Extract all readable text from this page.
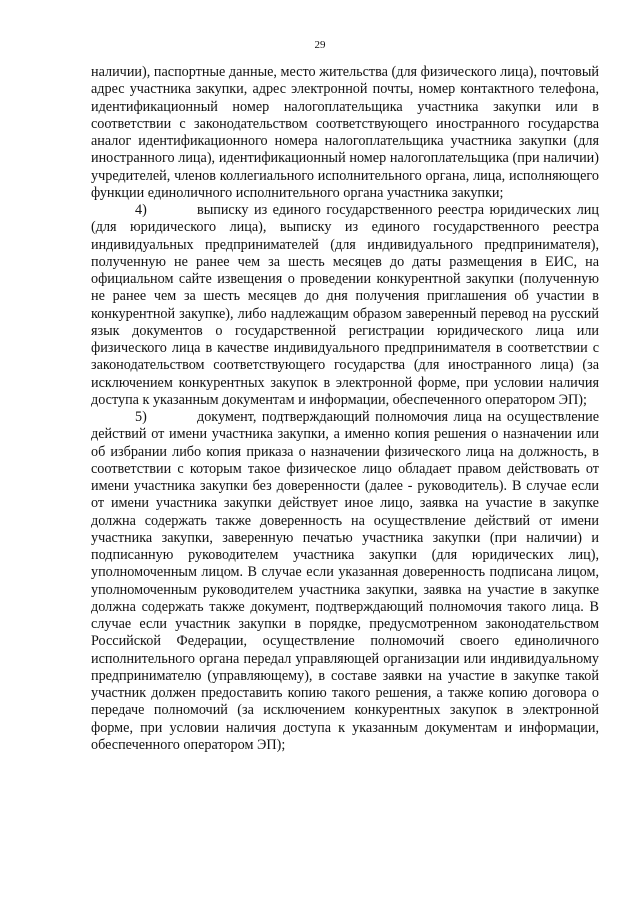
29

наличии), паспортные данные, место жительства (для физического лица), почтовый адрес участника закупки, адрес электронной почты, номер контактного телефона, идентификационный номер налогоплательщика участника закупки или в соответствии с законодательством соответствующего иностранного государства аналог идентификационного номера налогоплательщика участника закупки (для иностранного лица), идентификационный номер налогоплательщика (при наличии) учредителей, членов коллегиального исполнительного органа, лица, исполняющего функции единоличного исполнительного органа участника закупки;

4)	выписку из единого государственного реестра юридических лиц (для юридического лица), выписку из единого государственного реестра индивидуальных предпринимателей (для индивидуального предпринимателя), полученную не ранее чем за шесть месяцев до даты размещения в ЕИС, на официальном сайте извещения о проведении конкурентной закупки (полученную не ранее чем за шесть месяцев до дня получения приглашения об участии в конкурентной закупке), либо надлежащим образом заверенный перевод на русский язык документов о государственной регистрации юридического лица или физического лица в качестве индивидуального предпринимателя в соответствии с законодательством соответствующего государства (для иностранного лица) (за исключением конкурентных закупок в электронной форме, при условии наличия доступа к указанным документам и информации, обеспеченного оператором ЭП);

5)	документ, подтверждающий полномочия лица на осуществление действий от имени участника закупки, а именно копия решения о назначении или об избрании либо копия приказа о назначении физического лица на должность, в соответствии с которым такое физическое лицо обладает правом действовать от имени участника закупки без доверенности (далее - руководитель). В случае если от имени участника закупки действует иное лицо, заявка на участие в закупке должна содержать также доверенность на осуществление действий от имени участника закупки, заверенную печатью участника закупки (при наличии) и подписанную руководителем участника закупки (для юридических лиц), уполномоченным лицом. В случае если указанная доверенность подписана лицом, уполномоченным руководителем участника закупки, заявка на участие в закупке должна содержать также документ, подтверждающий полномочия такого лица. В случае если участник закупки в порядке, предусмотренном законодательством Российской Федерации, осуществление полномочий своего единоличного исполнительного органа передал управляющей организации или индивидуальному предпринимателю (управляющему), в составе заявки на участие в закупке такой участник должен предоставить копию такого решения, а также копию договора о передаче полномочий (за исключением конкурентных закупок в электронной форме, при условии наличия доступа к указанным документам и информации, обеспеченного оператором ЭП);
